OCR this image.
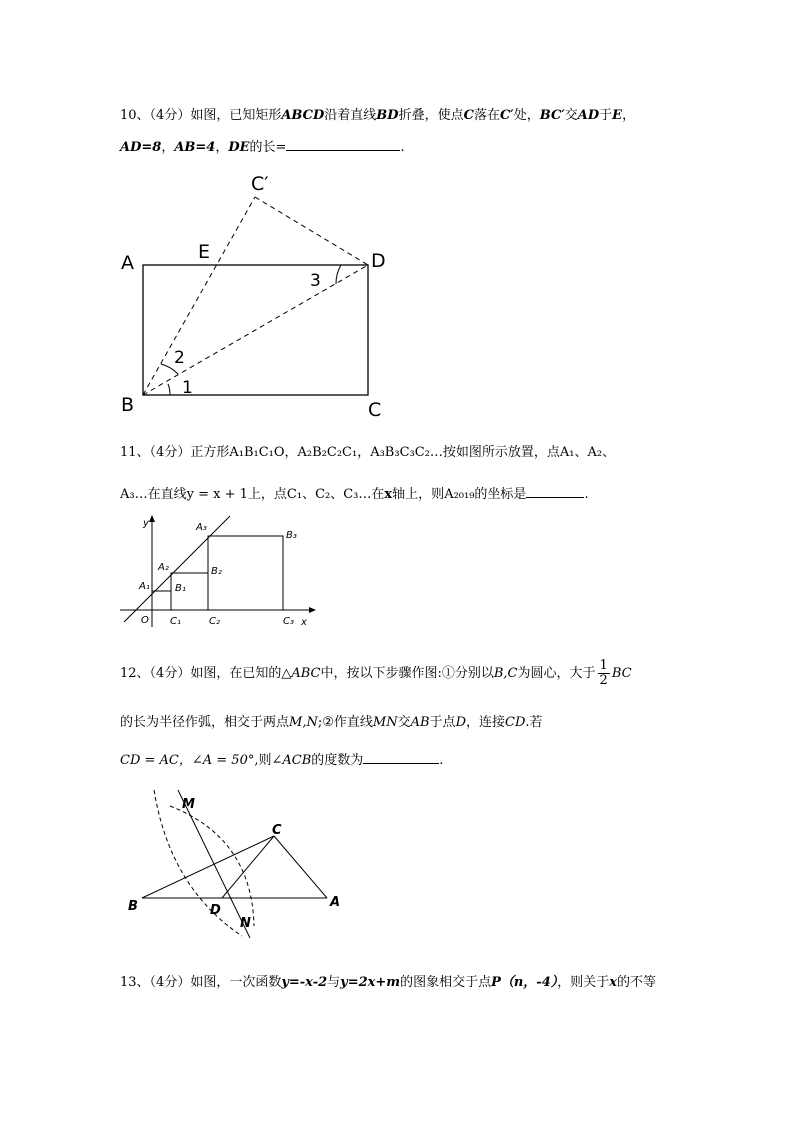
10、（4分）如图，已知矩形ABCD沿着直线BD折叠，使点C落在C′处，BC′交AD于E，
AD=8，AB=4，DE的长=	.
A	E
C′
D
B	C
1
2
3
11、（4分）正方形A₁B₁C₁O，A₂B₂C₂C₁，A₃B₃C₃C₂…按如图所示放置，点A₁、A₂、
A₃…在直线y = x + 1上，点C₁、C₂、C₃…在x轴上，则A₂₀₁₉的坐标是	.
y
x
O
A₁
A₂
A₃
B₁
B₂
B₃
C₁	C₂	C₃
12、（4分）如图，在已知的△ABC中，按以下步骤作图:①分别以B,C为圆心，大于 $\frac{1}{2}$ BC
的长为半径作弧，相交于两点M,N;②作直线MN交AB于点D，连接CD.若
CD = AC，∠A = 50°,则∠ACB的度数为	.
M
C
B	D
A
N
13、（4分）如图，一次函数y=-x-2与y=2x+m的图象相交于点P（n，-4），则关于x的不等
